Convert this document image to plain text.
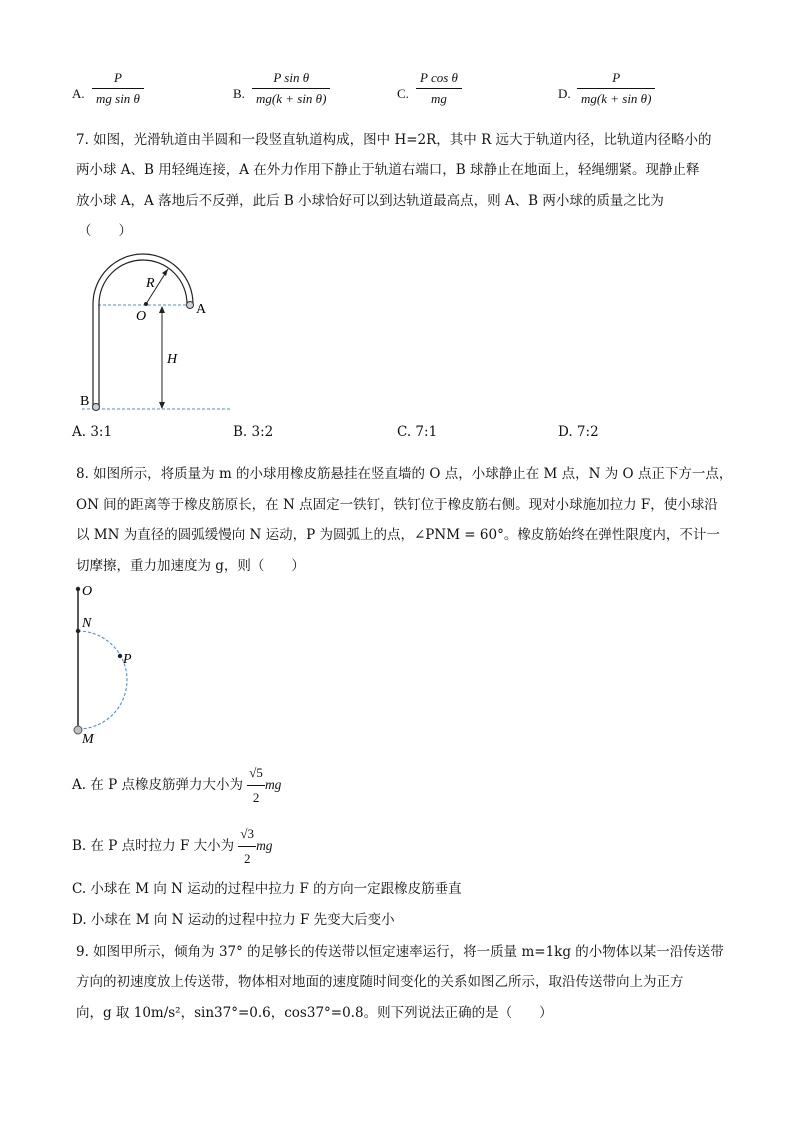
A. $\frac{P}{\text{mg sin θ}}$	B. $\frac{\text{P sin θ}}{\text{mg(k + sin θ)}}$	C. $\frac{\text{P cos θ}}{mg}$	D. $\frac{P}{\text{mg(k + sin θ)}}$
7. 如图，光滑轨道由半圆和一段竖直轨道构成，图中 H=2R，其中 R 远大于轨道内径，比轨道内径略小的
两小球 A、B 用轻绳连接，A 在外力作用下静止于轨道右端口，B 球静止在地面上，轻绳绷紧。现静止释
放小球 A，A 落地后不反弹，此后 B 小球恰好可以到达轨道最高点，则 A、B 两小球的质量之比为
（　　）
R
O	A
H
B
A. 3:1	B. 3:2	C. 7:1	D. 7:2
8. 如图所示，将质量为 m 的小球用橡皮筋悬挂在竖直墙的 O 点，小球静止在 M 点，N 为 O 点正下方一点，
ON 间的距离等于橡皮筋原长，在 N 点固定一铁钉，铁钉位于橡皮筋右侧。现对小球施加拉力 F，使小球沿
以 MN 为直径的圆弧缓慢向 N 运动，P 为圆弧上的点，∠PNM = 60°。橡皮筋始终在弹性限度内，不计一
切摩擦，重力加速度为 g，则（　　）
O
N
P
M
A. 在 P 点橡皮筋弹力大小为 $\frac{√5}{2}$ mg
B. 在 P 点时拉力 F 大小为 $\frac{√3}{2}$ mg
C. 小球在 M 向 N 运动的过程中拉力 F 的方向一定跟橡皮筋垂直
D. 小球在 M 向 N 运动的过程中拉力 F 先变大后变小
9. 如图甲所示，倾角为 37° 的足够长的传送带以恒定速率运行，将一质量 m=1kg 的小物体以某一沿传送带
方向的初速度放上传送带，物体相对地面的速度随时间变化的关系如图乙所示，取沿传送带向上为正方
向，g 取 10m/s²，sin37°=0.6，cos37°=0.8。则下列说法正确的是（　　）
